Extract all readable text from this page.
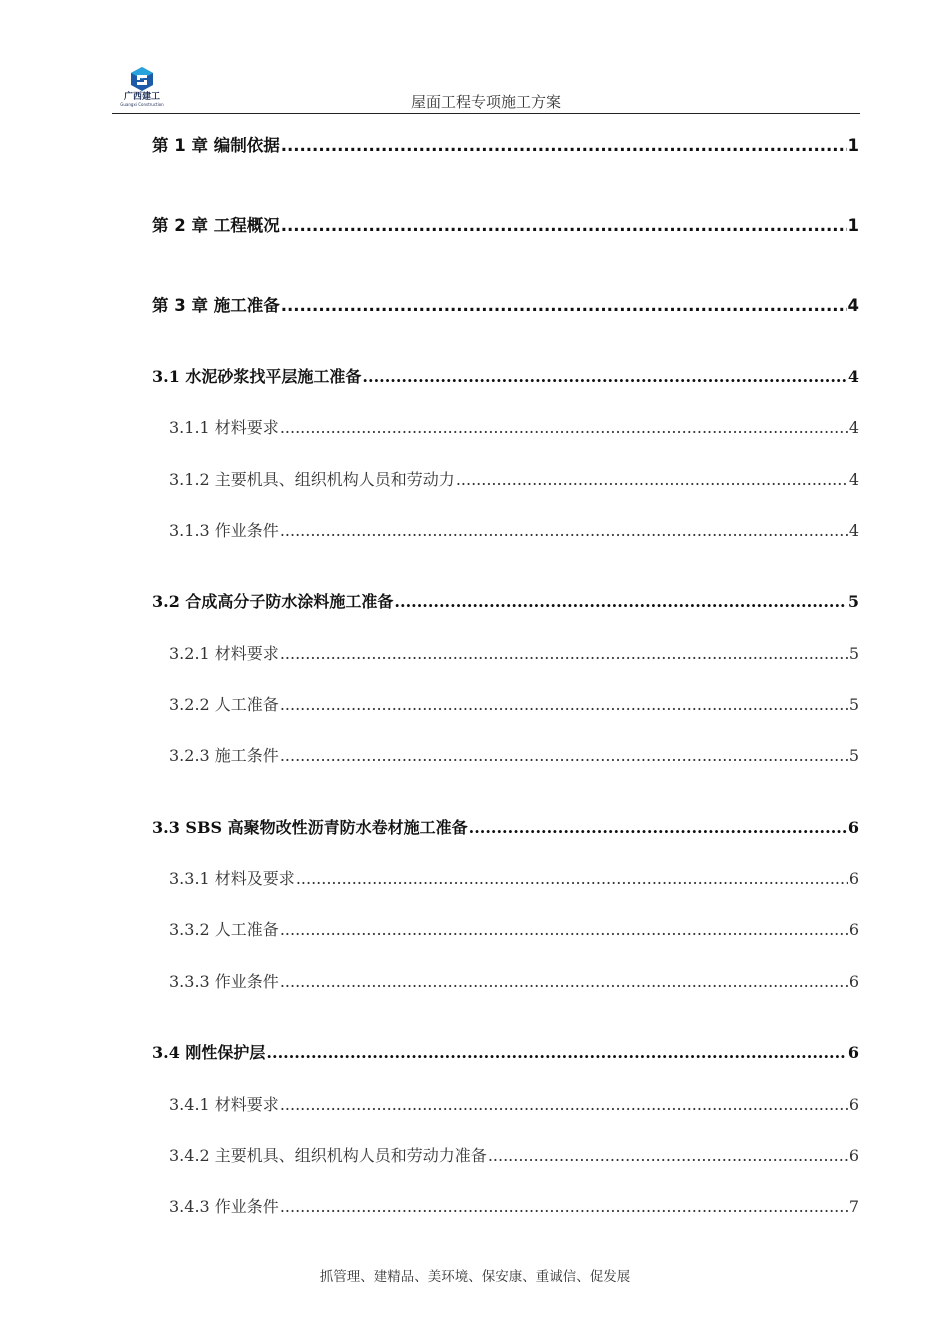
广西建工
Guangxi Construction	屋面工程专项施工方案
第 1 章 编制依据 .....	1
第 2 章 工程概况 .....	1
第 3 章 施工准备 .....	4
3.1 水泥砂浆找平层施工准备 .....	4
3.1.1 材料要求 .....	4
3.1.2 主要机具、组织机构人员和劳动力 .....	4
3.1.3 作业条件 .....	4
3.2 合成高分子防水涂料施工准备 .....	5
3.2.1 材料要求 .....	5
3.2.2 人工准备 .....	5
3.2.3 施工条件 .....	5
3.3 SBS 高聚物改性沥青防水卷材施工准备 .....	6
3.3.1 材料及要求 .....	6
3.3.2 人工准备 .....	6
3.3.3 作业条件 .....	6
3.4 刚性保护层 .....	6
3.4.1 材料要求 .....	6
3.4.2 主要机具、组织机构人员和劳动力准备 .....	6
3.4.3 作业条件 .....	7
抓管理、建精品、美环境、保安康、重诚信、促发展
